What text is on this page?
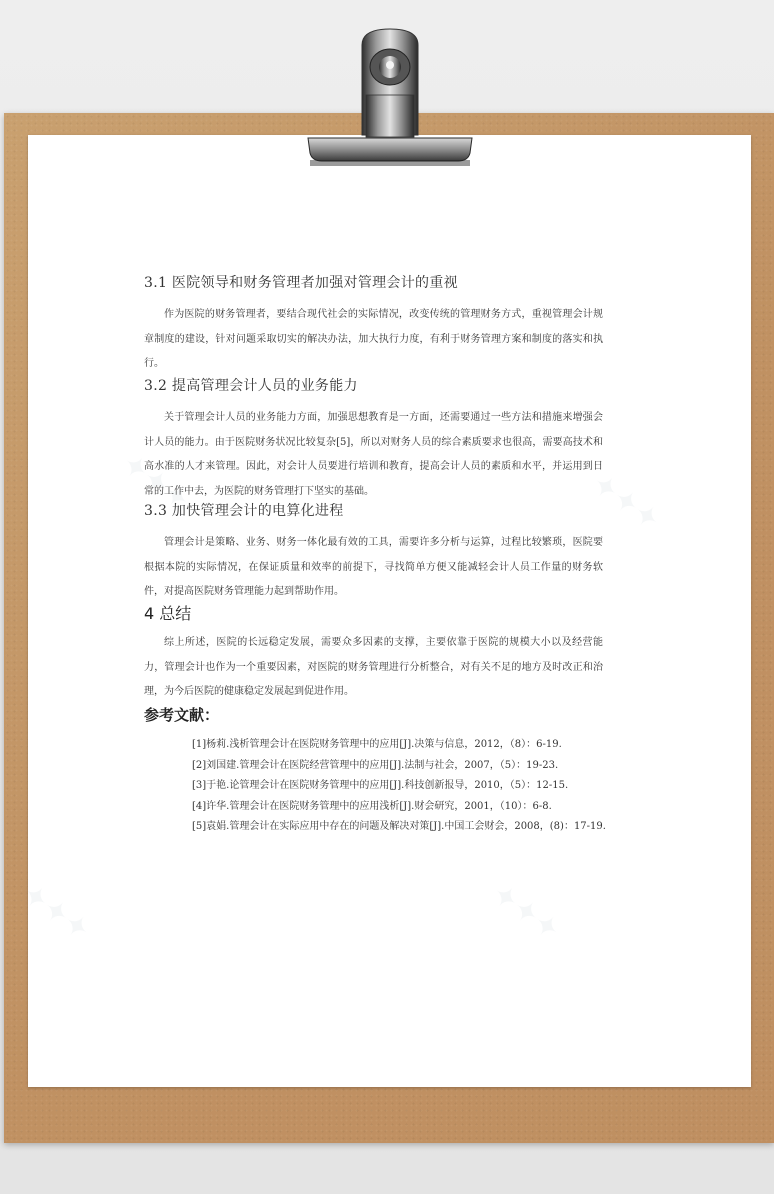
✦✦✦	✦✦✦
✦✦✦	✦✦✦
3.1 医院领导和财务管理者加强对管理会计的重视

作为医院的财务管理者，要结合现代社会的实际情况，改变传统的管理财务方式，重视管理会计规章制度的建设，针对问题采取切实的解决办法，加大执行力度，有利于财务管理方案和制度的落实和执行。

3.2 提高管理会计人员的业务能力

关于管理会计人员的业务能力方面，加强思想教育是一方面，还需要通过一些方法和措施来增强会计人员的能力。由于医院财务状况比较复杂[5]，所以对财务人员的综合素质要求也很高，需要高技术和高水准的人才来管理。因此，对会计人员要进行培训和教育，提高会计人员的素质和水平，并运用到日常的工作中去，为医院的财务管理打下坚实的基础。

3.3 加快管理会计的电算化进程

管理会计是策略、业务、财务一体化最有效的工具，需要许多分析与运算，过程比较繁琐，医院要根据本院的实际情况，在保证质量和效率的前提下，寻找简单方便又能减轻会计人员工作量的财务软件，对提高医院财务管理能力起到帮助作用。

4 总结

综上所述，医院的长远稳定发展，需要众多因素的支撑，主要依靠于医院的规模大小以及经营能力，管理会计也作为一个重要因素，对医院的财务管理进行分析整合，对有关不足的地方及时改正和治理，为今后医院的健康稳定发展起到促进作用。

参考文献：

[1]杨莉.浅析管理会计在医院财务管理中的应用[J].决策与信息，2012，（8）：6-19.

[2]刘国建.管理会计在医院经营管理中的应用[J].法制与社会，2007，（5）：19-23.

[3]于艳.论管理会计在医院财务管理中的应用[J].科技创新报导，2010，（5）：12-15.

[4]许华.管理会计在医院财务管理中的应用浅析[J].财会研究，2001，（10）：6-8.

[5]袁娟.管理会计在实际应用中存在的问题及解决对策[J].中国工会财会，2008，(8)：17-19.
